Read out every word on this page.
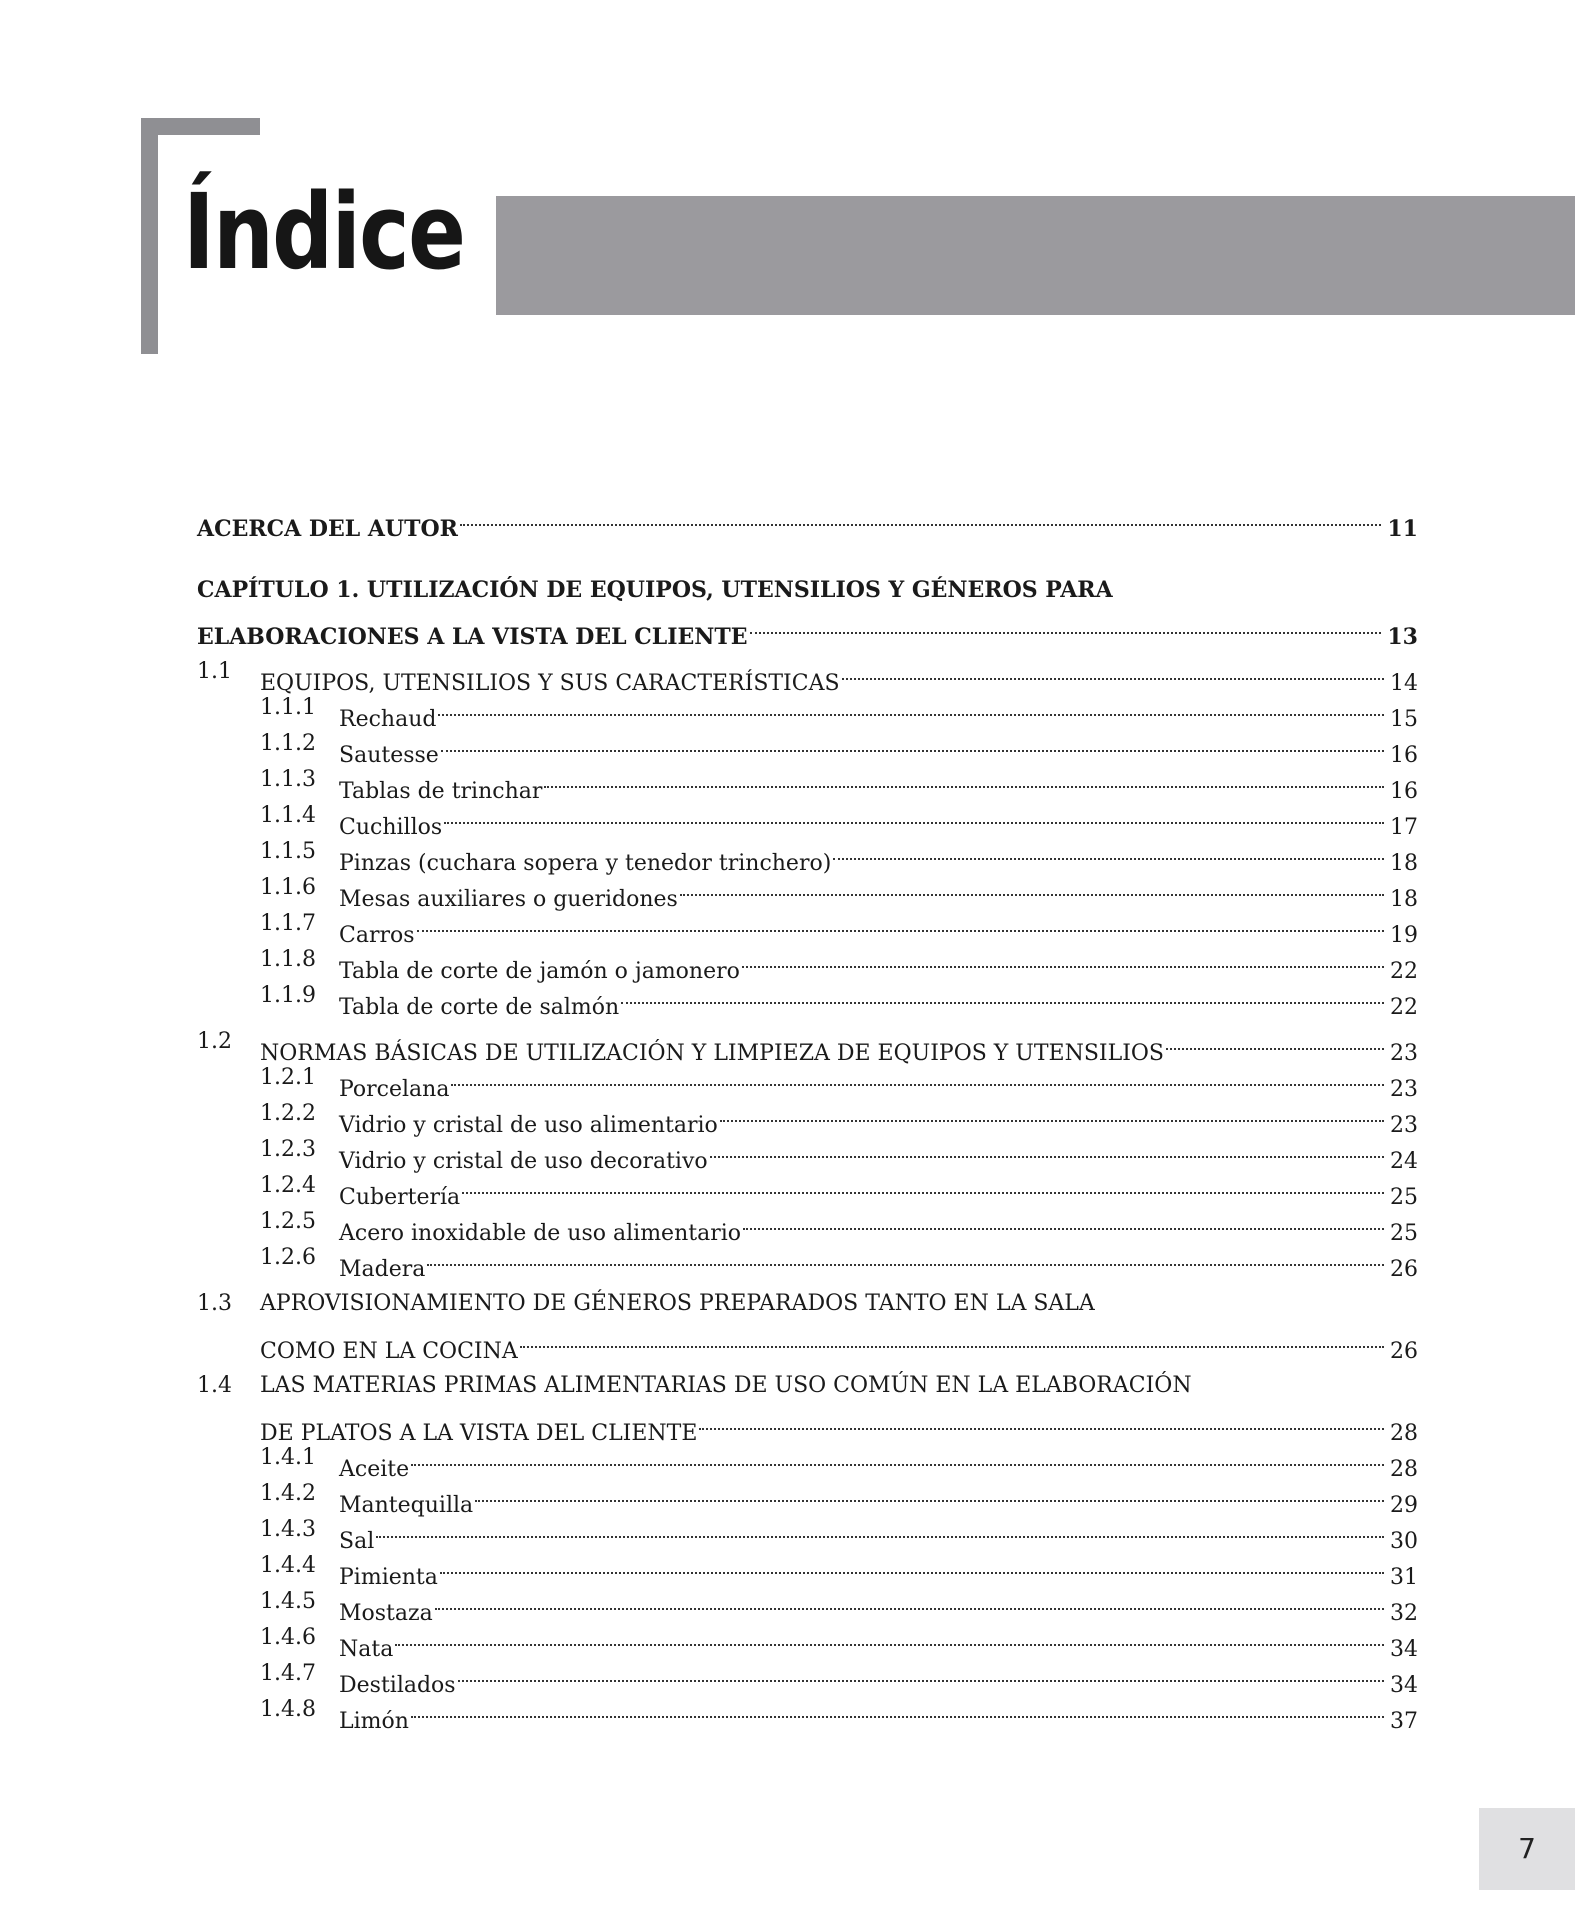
Índice
ACERCA DEL AUTOR	11
CAPÍTULO 1. UTILIZACIÓN DE EQUIPOS, UTENSILIOS Y GÉNEROS PARA
ELABORACIONES A LA VISTA DEL CLIENTE	13
1.1 EQUIPOS, UTENSILIOS Y SUS CARACTERÍSTICAS	14
1.1.1 Rechaud	15
1.1.2 Sautesse	16
1.1.3 Tablas de trinchar	16
1.1.4 Cuchillos	17
1.1.5 Pinzas (cuchara sopera y tenedor trinchero)	18
1.1.6 Mesas auxiliares o gueridones	18
1.1.7 Carros	19
1.1.8 Tabla de corte de jamón o jamonero	22
1.1.9 Tabla de corte de salmón	22
1.2 NORMAS BÁSICAS DE UTILIZACIÓN Y LIMPIEZA DE EQUIPOS Y UTENSILIOS	23
1.2.1 Porcelana	23
1.2.2 Vidrio y cristal de uso alimentario	23
1.2.3 Vidrio y cristal de uso decorativo	24
1.2.4 Cubertería	25
1.2.5 Acero inoxidable de uso alimentario	25
1.2.6 Madera	26
1.3 APROVISIONAMIENTO DE GÉNEROS PREPARADOS TANTO EN LA SALA
COMO EN LA COCINA	26
1.4 LAS MATERIAS PRIMAS ALIMENTARIAS DE USO COMÚN EN LA ELABORACIÓN
DE PLATOS A LA VISTA DEL CLIENTE	28
1.4.1 Aceite	28
1.4.2 Mantequilla	29
1.4.3 Sal	30
1.4.4 Pimienta	31
1.4.5 Mostaza	32
1.4.6 Nata	34
1.4.7 Destilados	34
1.4.8 Limón	37
7
